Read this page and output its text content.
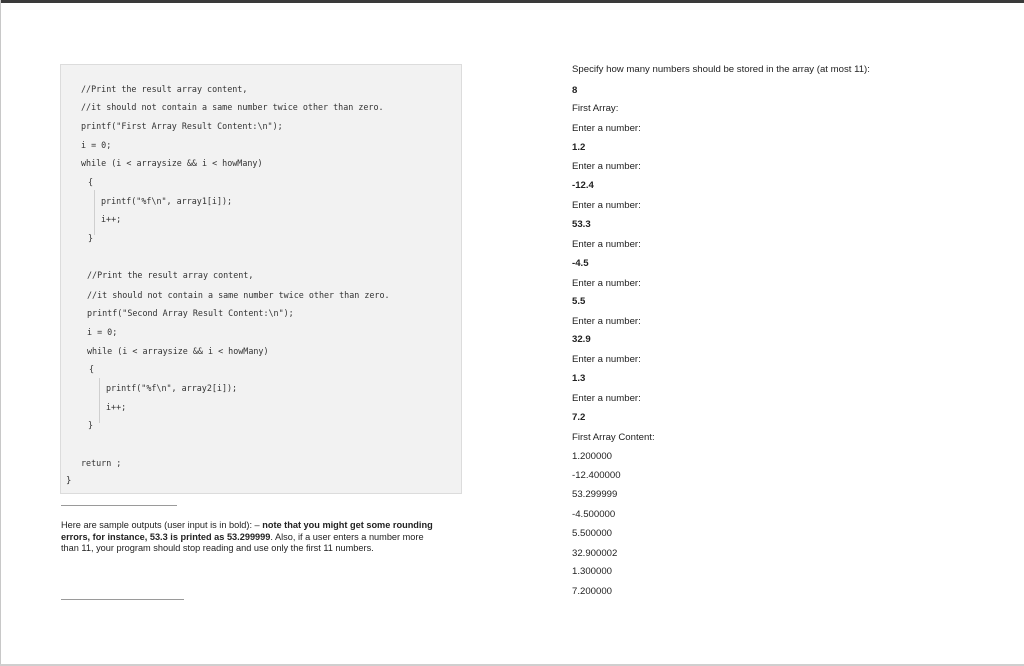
//Print the result array content,
//it should not contain a same number twice other than zero.
printf("First Array Result Content:\n");
i = 0;
while (i < arraysize && i < howMany)
{
printf("%f\n", array1[i]);
i++;
}
//Print the result array content,
//it should not contain a same number twice other than zero.
printf("Second Array Result Content:\n");
i = 0;
while (i < arraysize && i < howMany)
{
printf("%f\n", array2[i]);
i++;
}
return ;
}
Here are sample outputs (user input is in bold): – note that you might get some rounding errors, for instance, 53.3 is printed as 53.299999. Also, if a user enters a number more than 11, your program should stop reading and use only the first 11 numbers.
Specify how many numbers should be stored in the array (at most 11):
8
First Array:
Enter a number:
1.2
Enter a number:
-12.4
Enter a number:
53.3
Enter a number:
-4.5
Enter a number:
5.5
Enter a number:
32.9
Enter a number:
1.3
Enter a number:
7.2
First Array Content:
1.200000
-12.400000
53.299999
-4.500000
5.500000
32.900002
1.300000
7.200000
